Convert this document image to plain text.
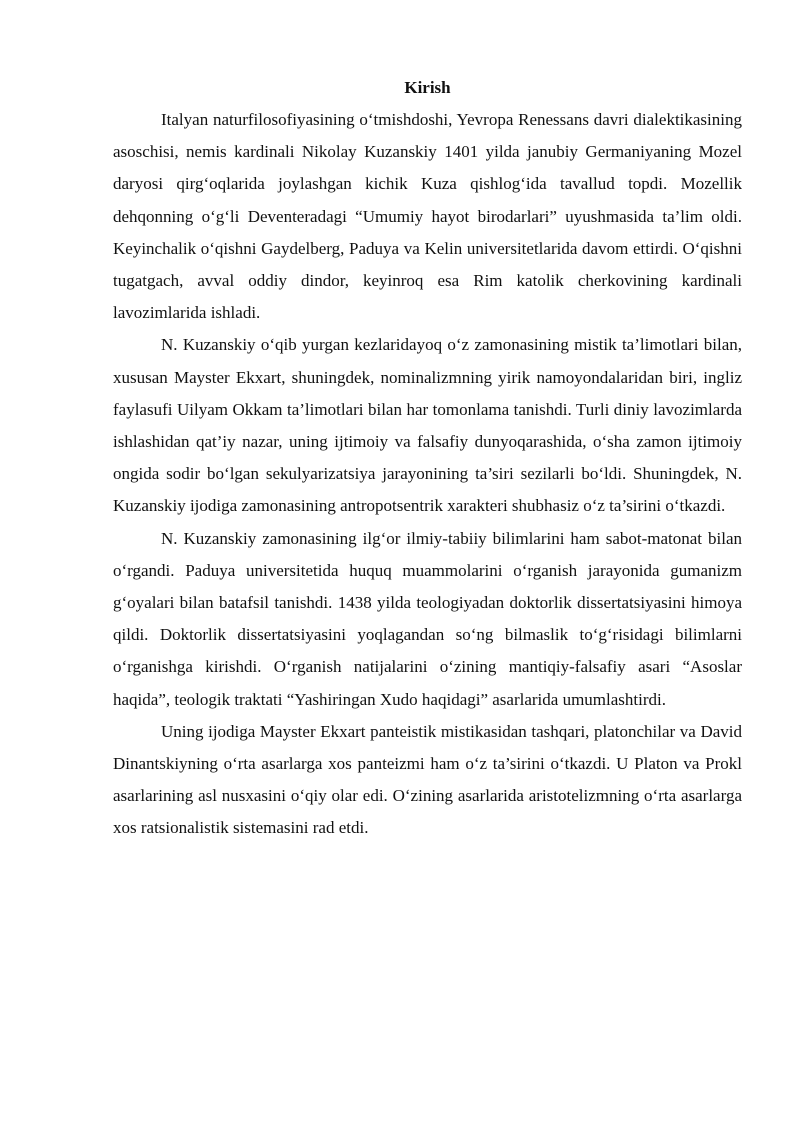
Kirish

Italyan naturfilosofiyasining o‘tmishdoshi, Yevropa Renessans davri dialektikasining asoschisi, nemis kardinali Nikolay Kuzanskiy 1401 yilda janubiy Germaniyaning Mozel daryosi qirg‘oqlarida joylashgan kichik Kuza qishlog‘ida tavallud topdi. Mozellik dehqonning o‘g‘li Deventeradagi “Umumiy hayot birodarlari” uyushmasida ta’lim oldi. Keyinchalik o‘qishni Gaydelberg, Paduya va Kelin universitetlarida davom ettirdi. O‘qishni tugatgach, avval oddiy dindor, keyinroq esa Rim katolik cherkovining kardinali lavozimlarida ishladi.

N. Kuzanskiy o‘qib yurgan kezlaridayoq o‘z zamonasining mistik ta’limotlari bilan, xususan Mayster Ekxart, shuningdek, nominalizmning yirik namoyondalaridan biri, ingliz faylasufi Uilyam Okkam ta’limotlari bilan har tomonlama tanishdi. Turli diniy lavozimlarda ishlashidan qat’iy nazar, uning ijtimoiy va falsafiy dunyoqarashida, o‘sha zamon ijtimoiy ongida sodir bo‘lgan sekulyarizatsiya jarayonining ta’siri sezilarli bo‘ldi. Shuningdek, N. Kuzanskiy ijodiga zamonasining antropotsentrik xarakteri shubhasiz o‘z ta’sirini o‘tkazdi.

N. Kuzanskiy zamonasining ilg‘or ilmiy-tabiiy bilimlarini ham sabot-matonat bilan o‘rgandi. Paduya universitetida huquq muammolarini o‘rganish jarayonida gumanizm g‘oyalari bilan batafsil tanishdi. 1438 yilda teologiyadan doktorlik dissertatsiyasini himoya qildi. Doktorlik dissertatsiyasini yoqlagandan so‘ng bilmaslik to‘g‘risidagi bilimlarni o‘rganishga kirishdi. O‘rganish natijalarini o‘zining mantiqiy-falsafiy asari “Asoslar haqida”, teologik traktati “Yashiringan Xudo haqidagi” asarlarida umumlashtirdi.

Uning ijodiga Mayster Ekxart panteistik mistikasidan tashqari, platonchilar va David Dinantskiyning o‘rta asarlarga xos panteizmi ham o‘z ta’sirini o‘tkazdi. U Platon va Prokl asarlarining asl nusxasini o‘qiy olar edi. O‘zining asarlarida aristotelizmning o‘rta asarlarga xos ratsionalistik sistemasini rad etdi.
